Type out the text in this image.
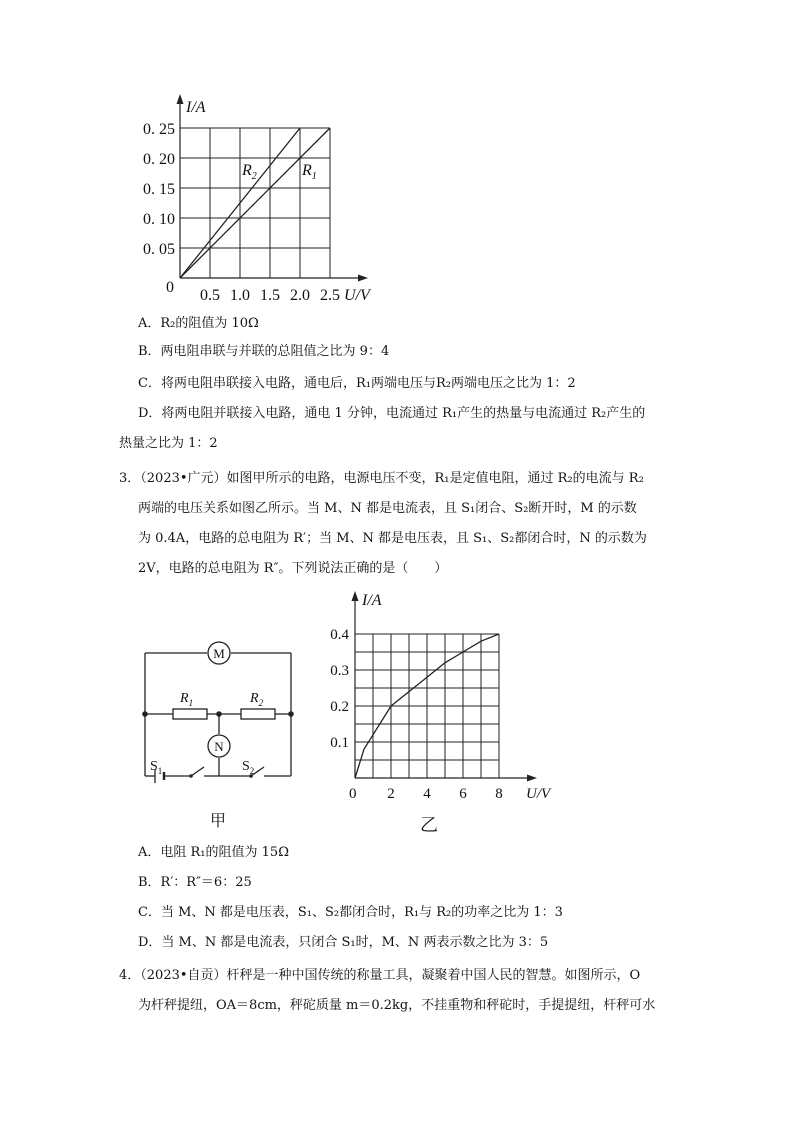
0.5 1.0 1.5 2.0 2.5
0. 05
0. 10
0. 15
0. 20
0. 25
I/A
U/V
0
$R_2$	$R_1$
A．R₂的阻值为 10Ω
B．两电阻串联与并联的总阻值之比为 9：4
C．将两电阻串联接入电路，通电后，R₁两端电压与R₂两端电压之比为 1：2
D．将两电阻并联接入电路，通电 1 分钟，电流通过 R₁产生的热量与电流通过 R₂产生的
热量之比为 1：2
3．（2023•广元）如图甲所示的电路，电源电压不变，R₁是定值电阻，通过 R₂的电流与 R₂
两端的电压关系如图乙所示。当 M、N 都是电流表，且 S₁闭合、S₂断开时，M 的示数
为 0.4A，电路的总电阻为 R′；当 M、N 都是电压表，且 S₁、S₂都闭合时，N 的示数为
2V，电路的总电阻为 R″。下列说法正确的是（　　）
M
$R_1$	$R_2$
N
$S_1$	$S_2$
甲
2 4 6 8
0.1
0.2
0.3
0.4
I/A
U/V
0
乙
A．电阻 R₁的阻值为 15Ω
B．R′：R″＝6：25
C．当 M、N 都是电压表，S₁、S₂都闭合时，R₁与 R₂的功率之比为 1：3
D．当 M、N 都是电流表，只闭合 S₁时，M、N 两表示数之比为 3：5
4．（2023•自贡）杆秤是一种中国传统的称量工具，凝聚着中国人民的智慧。如图所示，O
为杆秤提纽，OA＝8cm，秤砣质量 m＝0.2kg，不挂重物和秤砣时，手提提纽，杆秤可水
